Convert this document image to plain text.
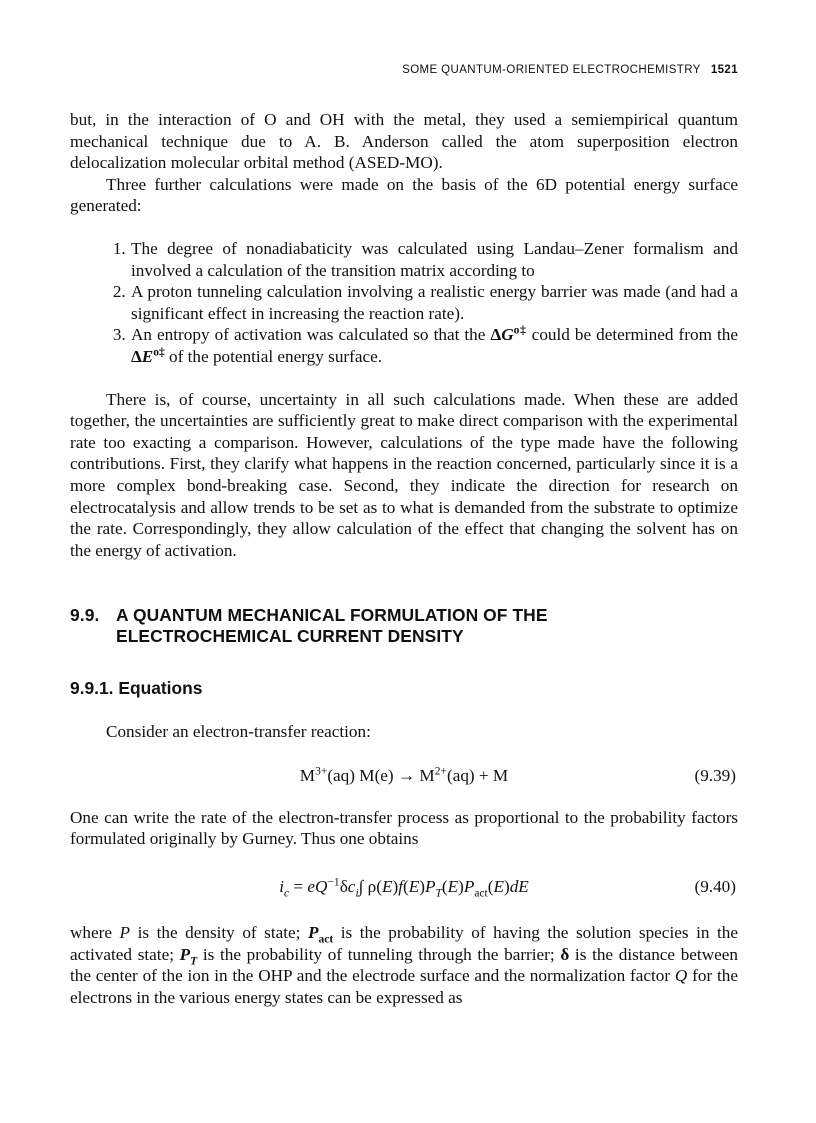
SOME QUANTUM-ORIENTED ELECTROCHEMISTRY 1521

but, in the interaction of O and OH with the metal, they used a semiempirical quantum mechanical technique due to A. B. Anderson called the atom superposition electron delocalization molecular orbital method (ASED-MO).

Three further calculations were made on the basis of the 6D potential energy surface generated:

1. The degree of nonadiabaticity was calculated using Landau–Zener formalism and involved a calculation of the transition matrix according to
2. A proton tunneling calculation involving a realistic energy barrier was made (and had a significant effect in increasing the reaction rate).
3. An entropy of activation was calculated so that the $\Delta G^{o\ddagger}$ could be determined from the $\Delta E^{o\ddagger}$ of the potential energy surface.

There is, of course, uncertainty in all such calculations made. When these are added together, the uncertainties are sufficiently great to make direct comparison with the experimental rate too exacting a comparison. However, calculations of the type made have the following contributions. First, they clarify what happens in the reaction concerned, particularly since it is a more complex bond-breaking case. Second, they indicate the direction for research on electrocatalysis and allow trends to be set as to what is demanded from the substrate to optimize the rate. Correspondingly, they allow calculation of the effect that changing the solvent has on the energy of activation.

9.9. A QUANTUM MECHANICAL FORMULATION OF THE
ELECTROCHEMICAL CURRENT DENSITY
9.9.1. Equations

Consider an electron-transfer reaction:

$M^{3+}(aq) M(e) \to M^{2+}(aq) + M$	(9.39)

One can write the rate of the electron-transfer process as proportional to the probability factors formulated originally by Gurney. Thus one obtains

$i_c = eQ^{-1}\delta c_i\int$ $\rho(E)f(E)P_T(E)P_{act}(E)dE$	(9.40)

where P is the density of state; $P_{act}$ is the probability of having the solution species in the activated state; $P_T$ is the probability of tunneling through the barrier; δ is the distance between the center of the ion in the OHP and the electrode surface and the normalization factor Q for the electrons in the various energy states can be expressed as
